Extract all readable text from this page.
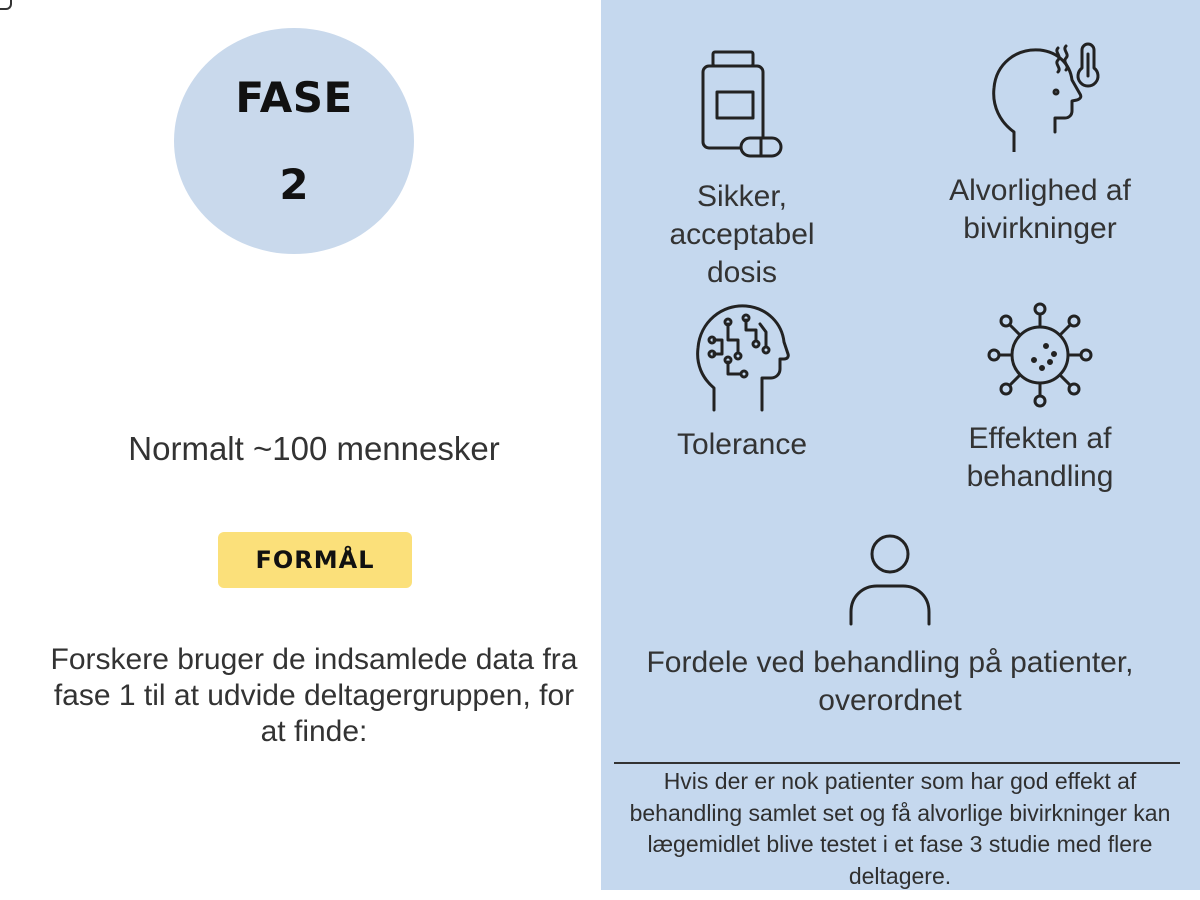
FASE
2
Normalt ~100 mennesker
FORMÅL
Forskere bruger de indsamlede data fra fase 1 til at udvide deltagergruppen, for at finde:
Sikker, acceptabel dosis
Alvorlighed af bivirkninger
Tolerance	Effekten af behandling
Fordele ved behandling på patienter, overordnet
Hvis der er nok patienter som har god effekt af behandling samlet set og få alvorlige bivirkninger kan lægemidlet blive testet i et fase 3 studie med flere deltagere.
